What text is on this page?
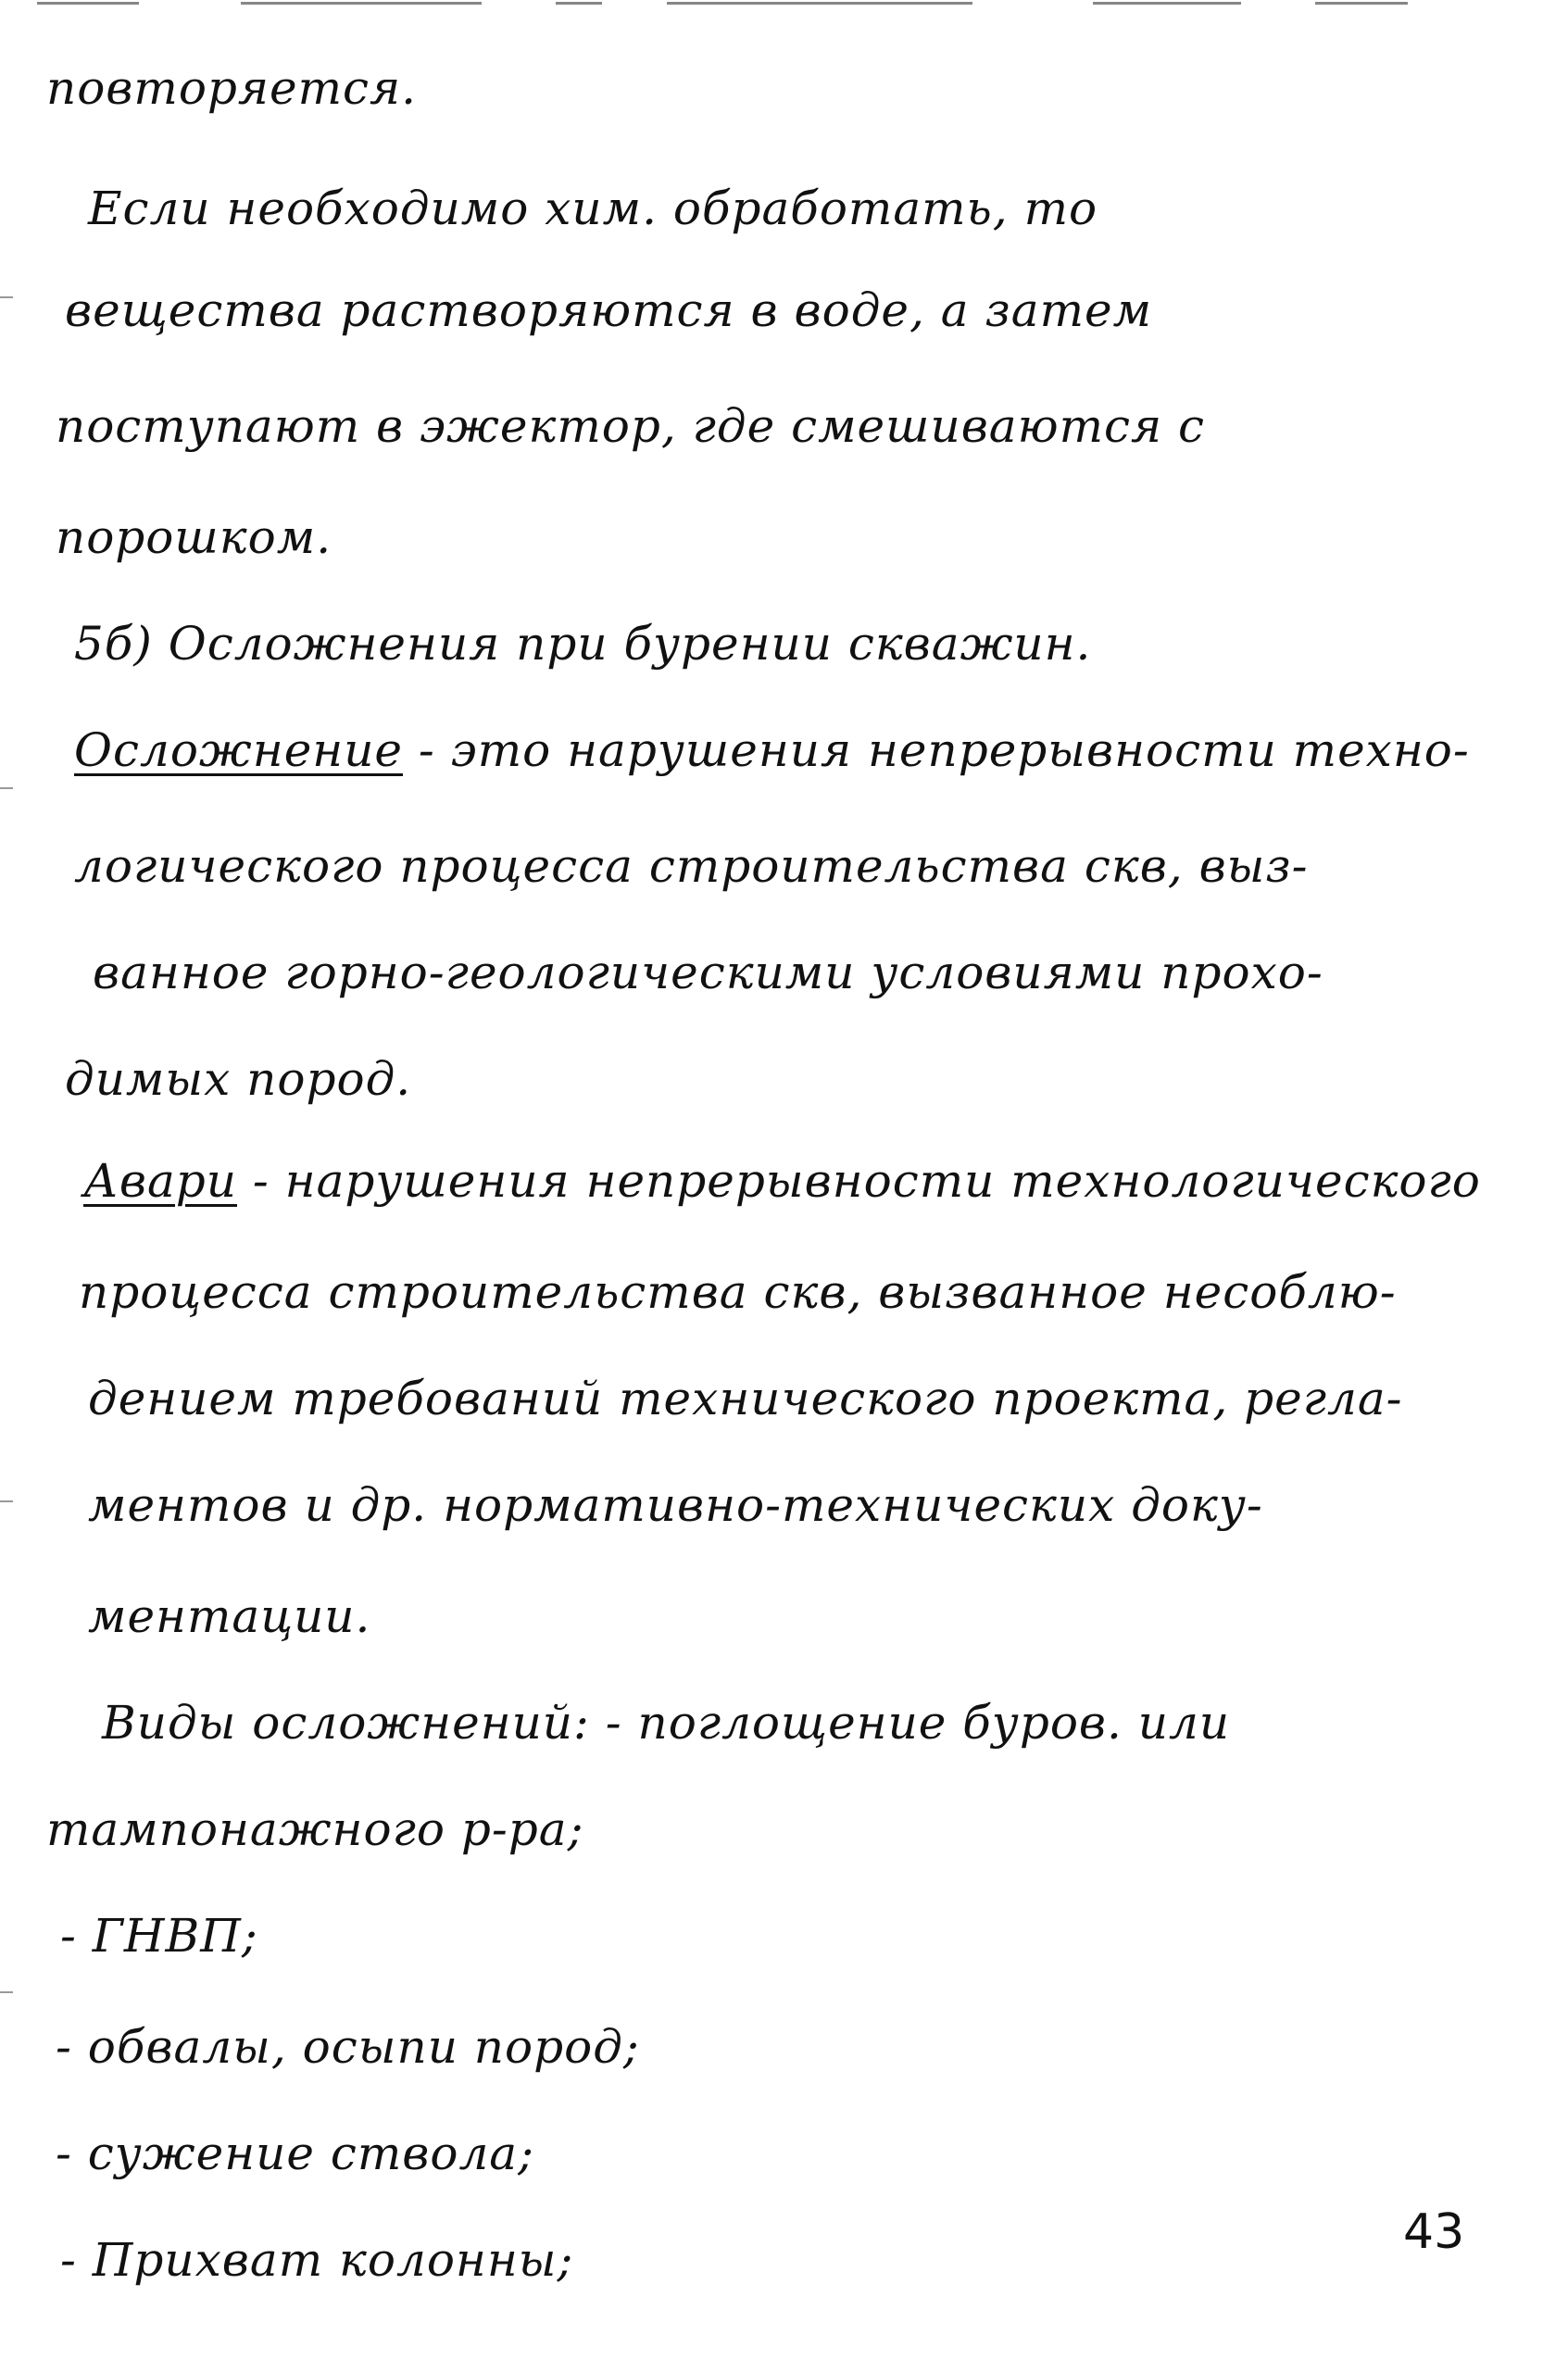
повторяется.
Если необходимо хим. обработать, то
вещества растворяются в воде, а затем
поступают в эжектор, где смешиваются с
порошком.
5б) Осложнения при бурении скважин.
Осложнение - это нарушения непрерывности техно-
логического процесса строительства скв, выз-
ванное горно-геологическими условиями прохо-
димых пород.
Авари - нарушения непрерывности технологического
процесса строительства скв, вызванное несоблю-
дением требований технического проекта, регла-
ментов и др. нормативно-технических доку-
ментации.
Виды осложнений: - поглощение буров. или
тампонажного р-ра;
- ГНВП;
- обвалы, осыпи пород;
- сужение ствола;
- Прихват колонны;	43
